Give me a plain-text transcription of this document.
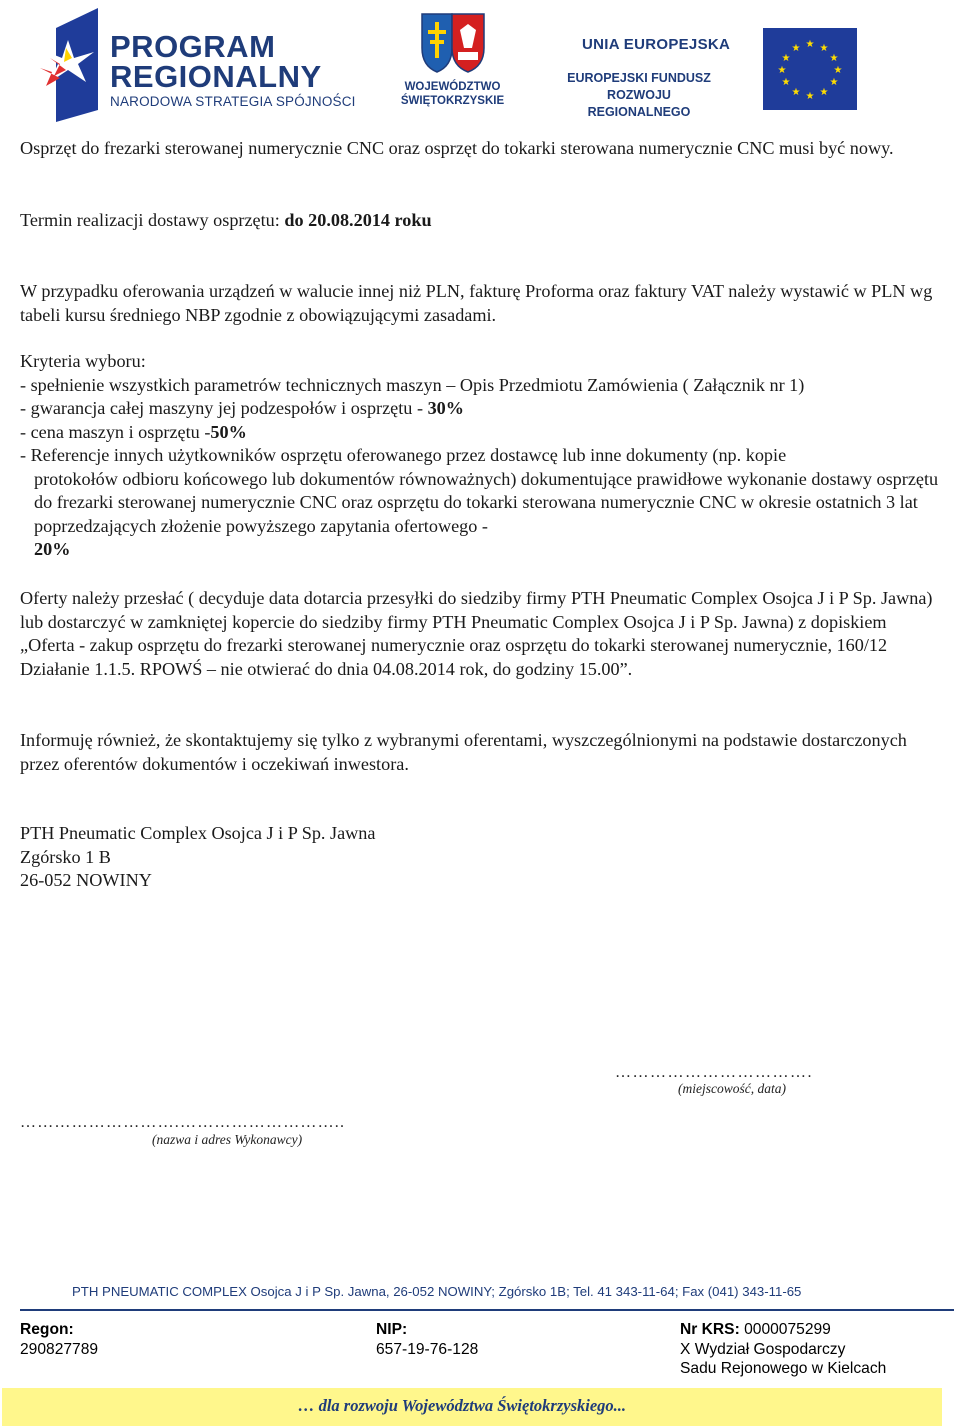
PROGRAM
REGIONALNY
NARODOWA STRATEGIA SPÓJNOŚCI
WOJEWÓDZTWO
ŚWIĘTOKRZYSKIE
UNIA EUROPEJSKA
EUROPEJSKI FUNDUSZ
ROZWOJU REGIONALNEGO
★ ★
★
★
★
★
★
★
★
★
★
★
Osprzęt do frezarki sterowanej numerycznie CNC oraz osprzęt do tokarki sterowana numerycznie CNC musi być nowy.
Termin realizacji dostawy osprzętu: do 20.08.2014 roku
W przypadku oferowania urządzeń w walucie innej niż PLN, fakturę Proforma oraz faktury VAT należy wystawić w PLN wg tabeli kursu średniego NBP zgodnie z obowiązującymi zasadami.
Kryteria wyboru:
- spełnienie wszystkich parametrów technicznych maszyn – Opis Przedmiotu Zamówienia ( Załącznik nr 1)
- gwarancja całej maszyny jej podzespołów i osprzętu - 30%
- cena maszyn i osprzętu -50%
- Referencje innych użytkowników osprzętu oferowanego przez dostawcę lub inne dokumenty (np. kopie
protokołów odbioru końcowego lub dokumentów równoważnych) dokumentujące prawidłowe wykonanie dostawy osprzętu do frezarki sterowanej numerycznie CNC oraz osprzętu do tokarki sterowana numerycznie CNC w okresie ostatnich 3 lat poprzedzających złożenie powyższego zapytania ofertowego -
20%
Oferty należy przesłać ( decyduje data dotarcia przesyłki do siedziby firmy PTH Pneumatic Complex Osojca J i P Sp. Jawna) lub dostarczyć w zamkniętej kopercie do siedziby firmy PTH Pneumatic Complex Osojca J i P Sp. Jawna) z dopiskiem „Oferta - zakup osprzętu do frezarki sterowanej numerycznie oraz osprzętu do tokarki sterowanej numerycznie, 160/12 Działanie 1.1.5. RPOWŚ – nie otwierać do dnia 04.08.2014 rok, do godziny 15.00”.
Informuję również, że skontaktujemy się tylko z wybranymi oferentami, wyszczególnionymi na podstawie dostarczonych przez oferentów dokumentów i oczekiwań inwestora.
PTH Pneumatic Complex Osojca J i P Sp. Jawna
Zgórsko 1 B
26-052 NOWINY
…………………………….
(miejscowość, data)
……………………….………………………..
(nazwa i adres Wykonawcy)
PTH PNEUMATIC COMPLEX Osojca J i P Sp. Jawna, 26-052 NOWINY; Zgórsko 1B; Tel. 41 343-11-64; Fax (041) 343-11-65
Regon:
290827789
NIP:
657-19-76-128
Nr KRS: 0000075299
X Wydział Gospodarczy
Sadu Rejonowego w Kielcach
… dla rozwoju Województwa Świętokrzyskiego...
